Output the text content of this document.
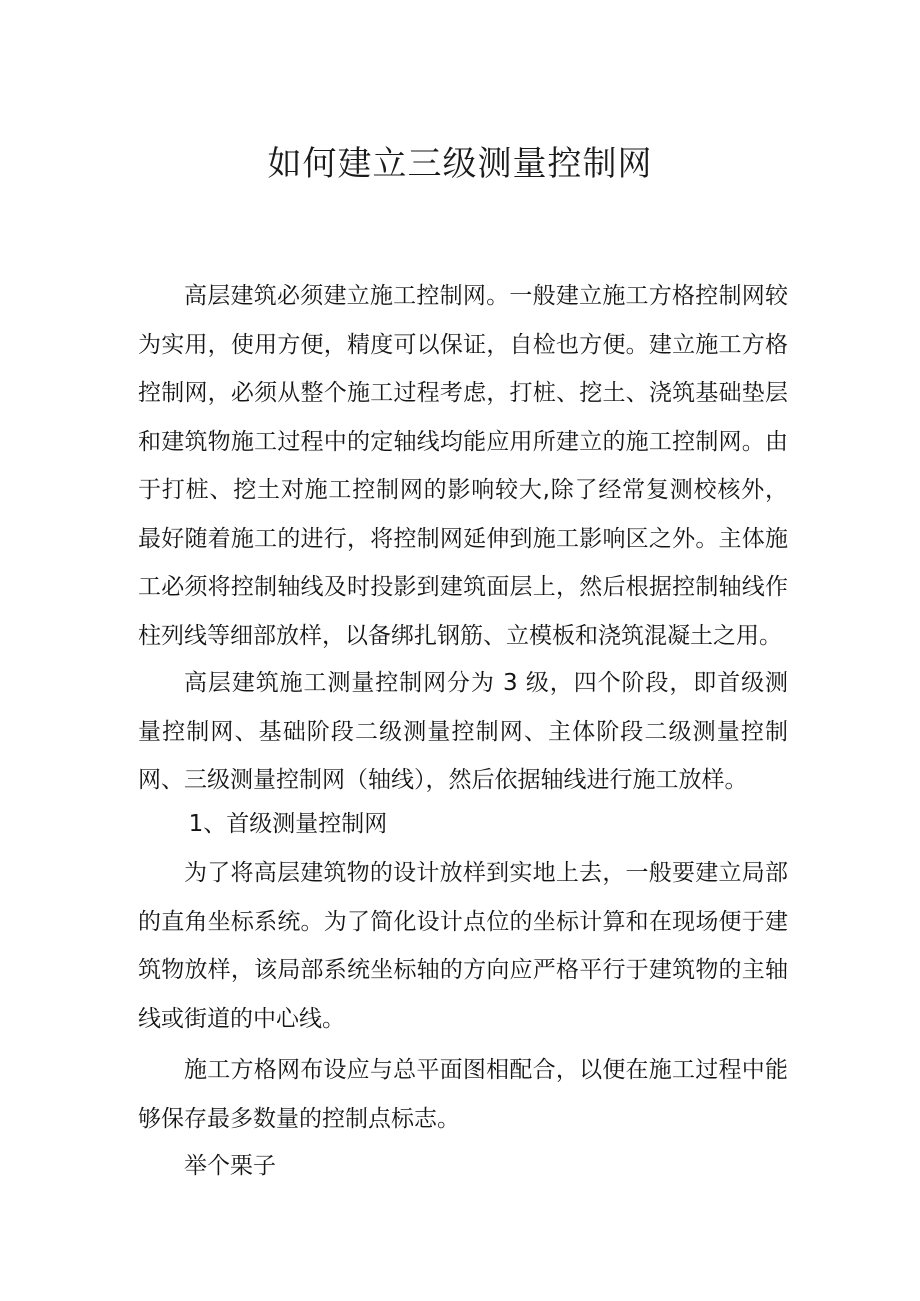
如何建立三级测量控制网

高层建筑必须建立施工控制网。一般建立施工方格控制网较为实用，使用方便，精度可以保证，自检也方便。建立施工方格控制网，必须从整个施工过程考虑，打桩、挖土、浇筑基础垫层和建筑物施工过程中的定轴线均能应用所建立的施工控制网。由于打桩、挖土对施工控制网的影响较大,除了经常复测校核外，最好随着施工的进行，将控制网延伸到施工影响区之外。主体施工必须将控制轴线及时投影到建筑面层上，然后根据控制轴线作柱列线等细部放样，以备绑扎钢筋、立模板和浇筑混凝土之用。

高层建筑施工测量控制网分为 3 级，四个阶段，即首级测量控制网、基础阶段二级测量控制网、主体阶段二级测量控制网、三级测量控制网（轴线），然后依据轴线进行施工放样。

1、首级测量控制网

为了将高层建筑物的设计放样到实地上去，一般要建立局部的直角坐标系统。为了简化设计点位的坐标计算和在现场便于建筑物放样，该局部系统坐标轴的方向应严格平行于建筑物的主轴线或街道的中心线。

施工方格网布设应与总平面图相配合，以便在施工过程中能够保存最多数量的控制点标志。

举个栗子
